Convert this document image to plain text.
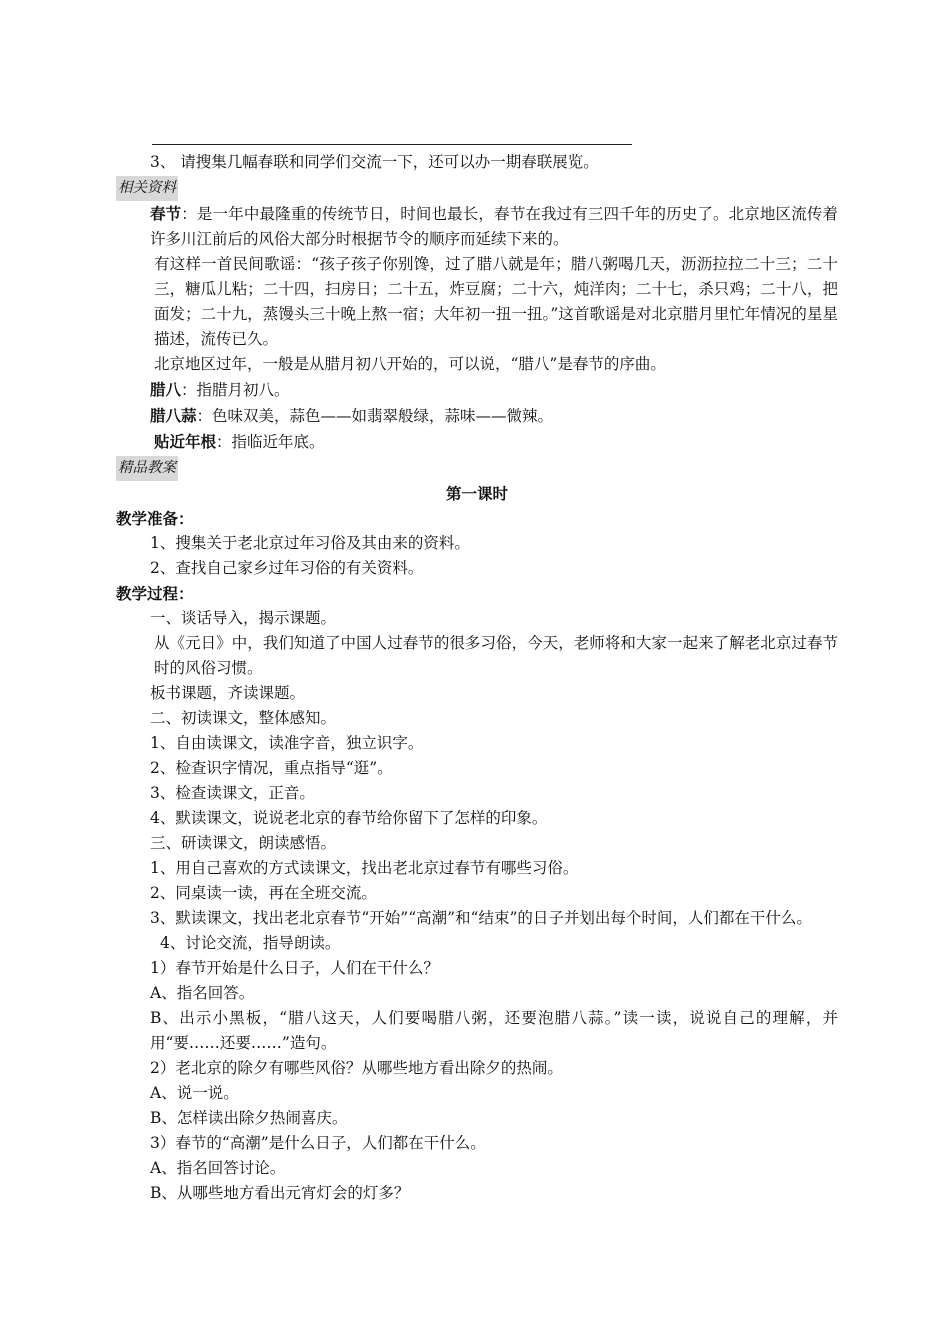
3、 请搜集几幅春联和同学们交流一下，还可以办一期春联展览。
相关资料
春节：是一年中最隆重的传统节日，时间也最长，春节在我过有三四千年的历史了。北京地区流传着许多川江前后的风俗大部分时根据节令的顺序而延续下来的。
有这样一首民间歌谣：“孩子孩子你别馋，过了腊八就是年；腊八粥喝几天，沥沥拉拉二十三；二十三，糖瓜儿粘；二十四，扫房日；二十五，炸豆腐；二十六，炖洋肉；二十七，杀只鸡；二十八，把面发；二十九，蒸馒头三十晚上熬一宿；大年初一扭一扭。”这首歌谣是对北京腊月里忙年情况的星星描述，流传已久。
北京地区过年，一般是从腊月初八开始的，可以说，“腊八”是春节的序曲。
腊八：指腊月初八。
腊八蒜：色味双美，蒜色——如翡翠般绿，蒜味——微辣。
贴近年根：指临近年底。
精品教案
第一课时
教学准备：
1、搜集关于老北京过年习俗及其由来的资料。
2、查找自己家乡过年习俗的有关资料。
教学过程：
一、谈话导入，揭示课题。
从《元日》中，我们知道了中国人过春节的很多习俗，今天，老师将和大家一起来了解老北京过春节时的风俗习惯。
板书课题，齐读课题。
二、初读课文，整体感知。
1、自由读课文，读准字音，独立识字。
2、检查识字情况，重点指导“逛”。
3、检查读课文，正音。
4、默读课文，说说老北京的春节给你留下了怎样的印象。
三、研读课文，朗读感悟。
1、用自己喜欢的方式读课文，找出老北京过春节有哪些习俗。
2、同桌读一读，再在全班交流。
3、默读课文，找出老北京春节“开始”“高潮”和“结束”的日子并划出每个时间，人们都在干什么。
4、讨论交流，指导朗读。
1）春节开始是什么日子，人们在干什么？
A、指名回答。
B、出示小黑板，“腊八这天，人们要喝腊八粥，还要泡腊八蒜。”读一读，说说自己的理解，并用“要……还要……”造句。
2）老北京的除夕有哪些风俗？从哪些地方看出除夕的热闹。
A、说一说。
B、怎样读出除夕热闹喜庆。
3）春节的“高潮”是什么日子，人们都在干什么。
A、指名回答讨论。
B、从哪些地方看出元宵灯会的灯多？
